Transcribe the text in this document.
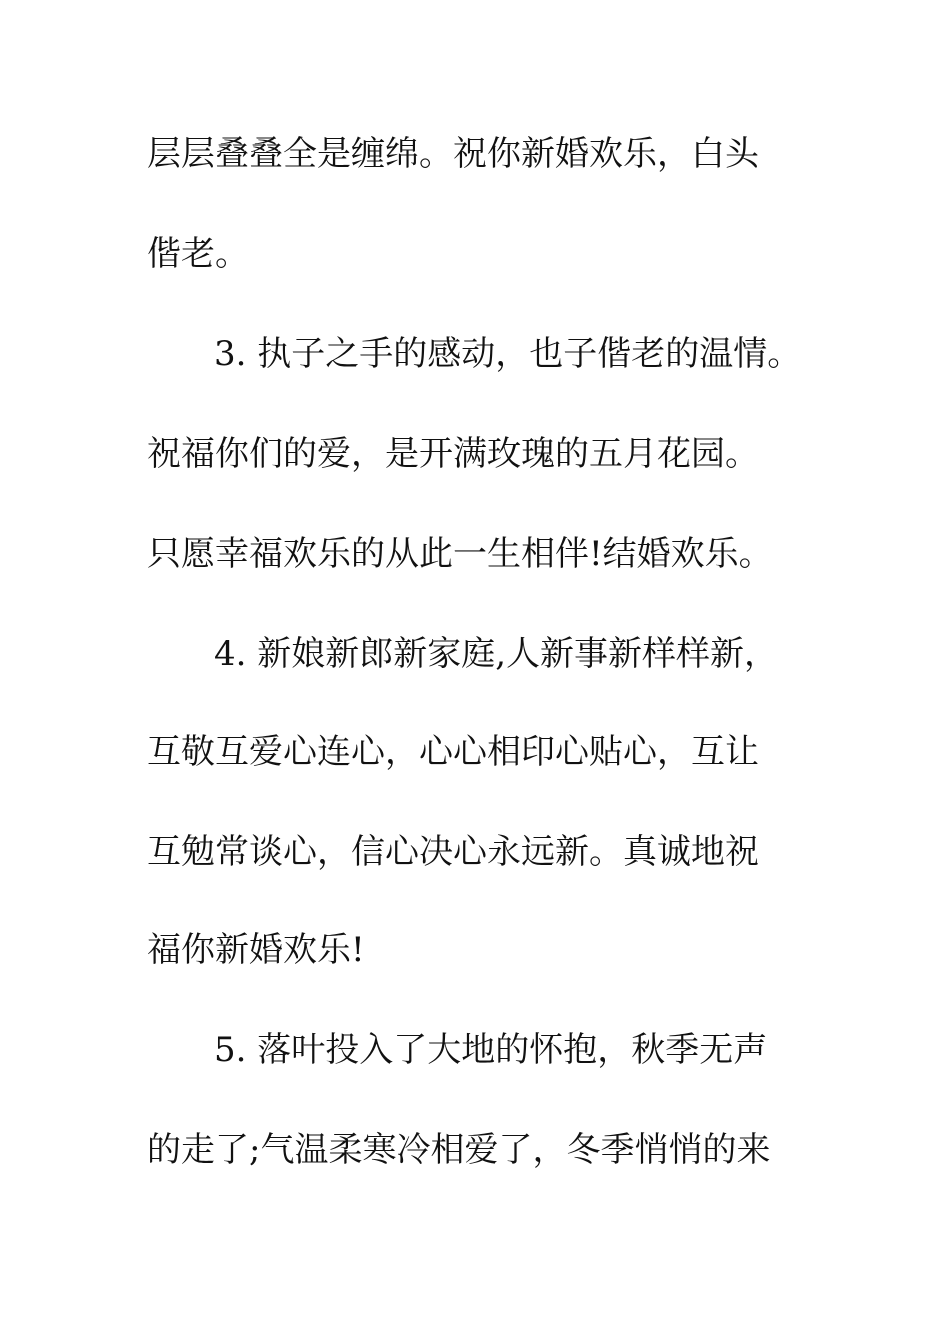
层层叠叠全是缠绵。祝你新婚欢乐，白头
偕老。
3. 执子之手的感动，也子偕老的温情。
祝福你们的爱，是开满玫瑰的五月花园。
只愿幸福欢乐的从此一生相伴!结婚欢乐。
4. 新娘新郎新家庭,人新事新样样新，
互敬互爱心连心，心心相印心贴心，互让
互勉常谈心，信心决心永远新。真诚地祝
福你新婚欢乐!
5. 落叶投入了大地的怀抱，秋季无声
的走了;气温柔寒冷相爱了，冬季悄悄的来
